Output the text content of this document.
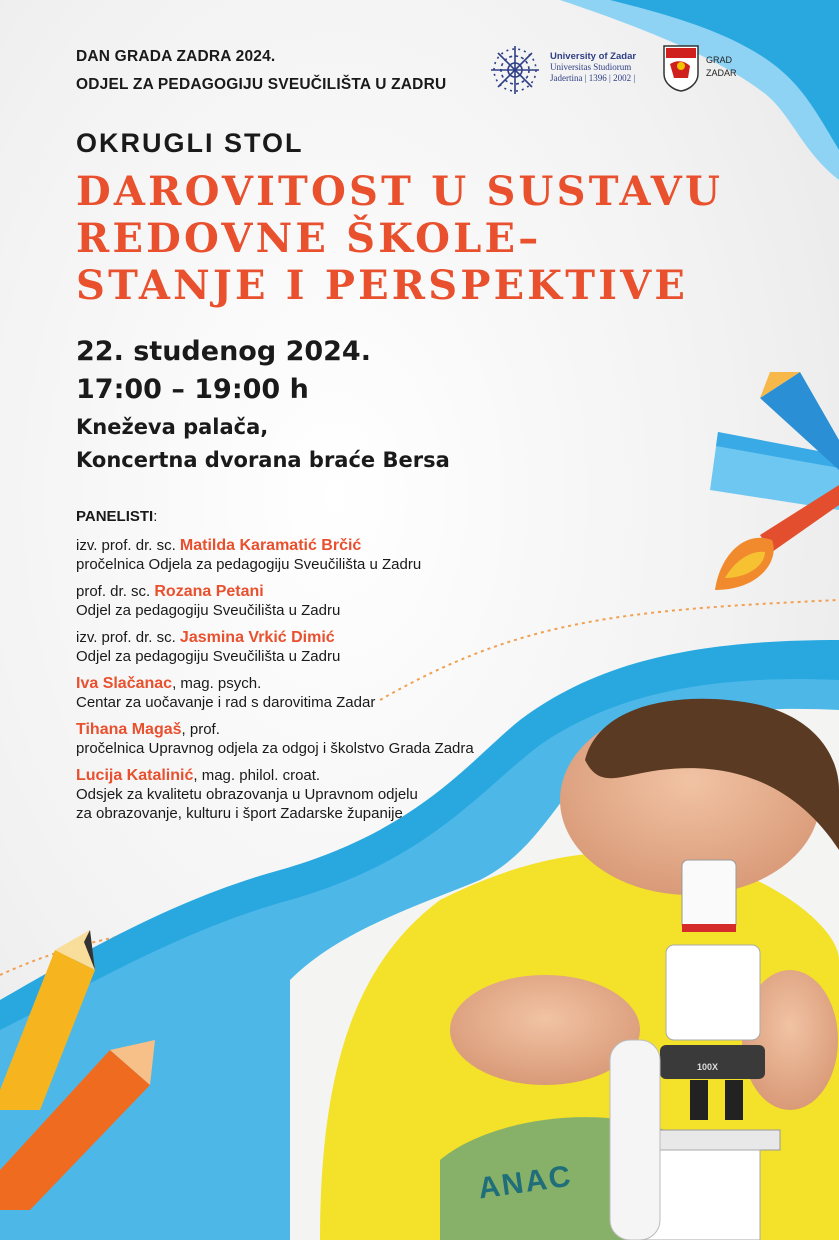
DAN GRADA ZADRA 2024.
ODJEL ZA PEDAGOGIJU SVEUČILIŠTA U ZADRU
University of Zadar
Universitas Studiorum
Jadertina | 1396 | 2002 |
GRAD
ZADAR
OKRUGLI STOL
DAROVITOST U SUSTAVU
REDOVNE ŠKOLE–
STANJE I PERSPEKTIVE
22. studenog 2024.
17:00 – 19:00 h
Kneževa palača,
Koncertna dvorana braće Bersa
PANELISTI:
izv. prof. dr. sc. Matilda Karamatić Brčić
pročelnica Odjela za pedagogiju Sveučilišta u Zadru
prof. dr. sc. Rozana Petani
Odjel za pedagogiju Sveučilišta u Zadru
izv. prof. dr. sc. Jasmina Vrkić Dimić
Odjel za pedagogiju Sveučilišta u Zadru
Iva Slačanac, mag. psych.
Centar za uočavanje i rad s darovitima Zadar
Tihana Magaš, prof.
pročelnica Upravnog odjela za odgoj i školstvo Grada Zadra
Lucija Katalinić, mag. philol. croat.
Odsjek za kvalitetu obrazovanja u Upravnom odjelu
za obrazovanje, kulturu i šport Zadarske županije
100X
ANAC
